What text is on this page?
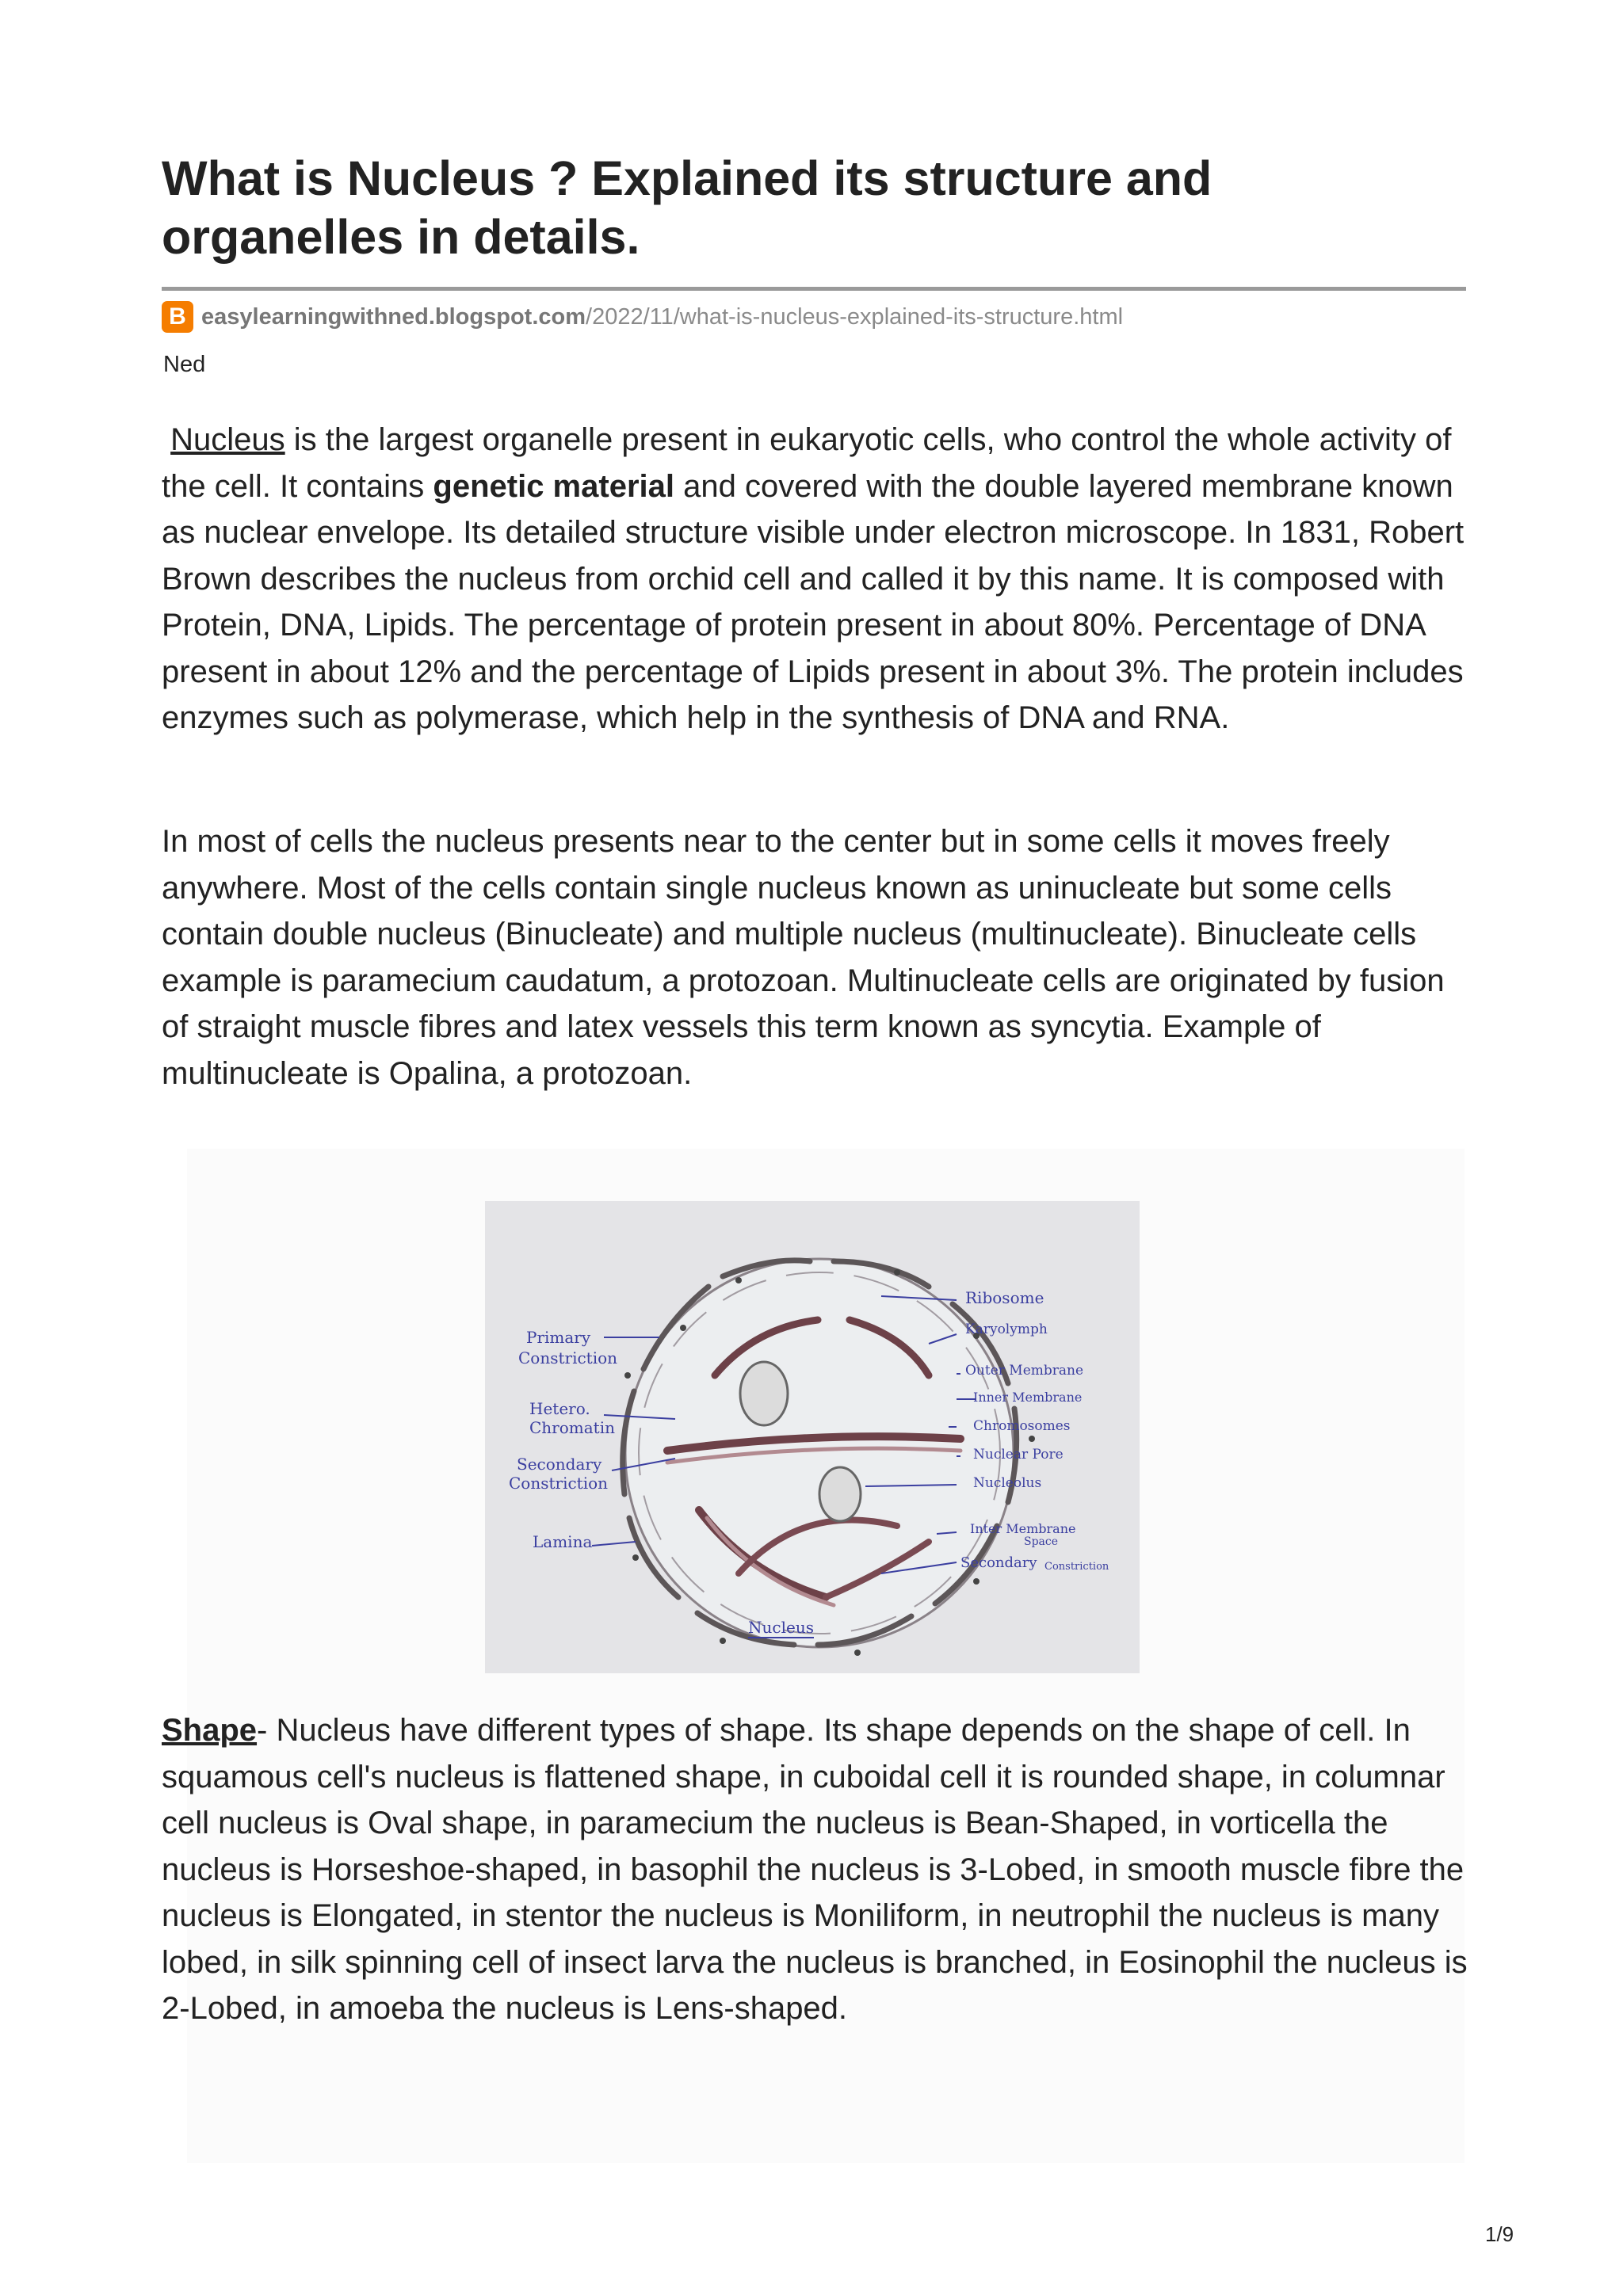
What is Nucleus ? Explained its structure and organelles in details.
B easylearningwithned.blogspot.com /2022/11/what-is-nucleus-explained-its-structure.html
Ned

Nucleus is the largest organelle present in eukaryotic cells, who control the whole activity of the cell. It contains genetic material and covered with the double layered membrane known as nuclear envelope. Its detailed structure visible under electron microscope. In 1831, Robert Brown describes the nucleus from orchid cell and called it by this name. It is composed with Protein, DNA, Lipids. The percentage of protein present in about 80%. Percentage of DNA present in about 12% and the percentage of Lipids present in about 3%. The protein includes enzymes such as polymerase, which help in the synthesis of DNA and RNA.

In most of cells the nucleus presents near to the center but in some cells it moves freely anywhere. Most of the cells contain single nucleus known as uninucleate but some cells contain double nucleus (Binucleate) and multiple nucleus (multinucleate). Binucleate cells example is paramecium caudatum, a protozoan. Multinucleate cells are originated by fusion of straight muscle fibres and latex vessels this term known as syncytia. Example of multinucleate is Opalina, a protozoan.

Primary
Constriction
Hetero.
Chromatin
Secondary
Constriction
Lamina
Ribosome
Karyolymph
Outer Membrane
Inner Membrane
Chromosomes
Nuclear Pore
Nucleolus
Inter Membrane
Space
Secondary Constriction
Nucleus

Shape- Nucleus have different types of shape. Its shape depends on the shape of cell. In squamous cell's nucleus is flattened shape, in cuboidal cell it is rounded shape, in columnar cell nucleus is Oval shape, in paramecium the nucleus is Bean-Shaped, in vorticella the nucleus is Horseshoe-shaped, in basophil the nucleus is 3-Lobed, in smooth muscle fibre the nucleus is Elongated, in stentor the nucleus is Moniliform, in neutrophil the nucleus is many lobed, in silk spinning cell of insect larva the nucleus is branched, in Eosinophil the nucleus is 2-Lobed, in amoeba the nucleus is Lens-shaped.

1/9
